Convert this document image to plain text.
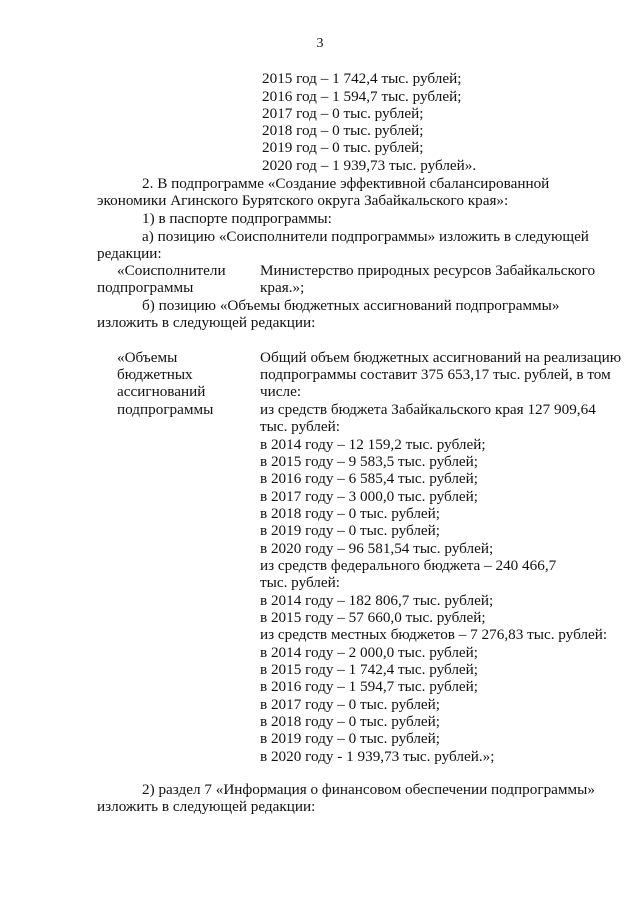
3
2015 год – 1 742,4 тыс. рублей;
2016 год – 1 594,7 тыс. рублей;
2017 год – 0 тыс. рублей;
2018 год – 0 тыс. рублей;
2019 год – 0 тыс. рублей;
2020 год – 1 939,73 тыс. рублей».
2. В подпрограмме «Создание эффективной сбалансированной
экономики Агинского Бурятского округа Забайкальского края»:
1) в паспорте подпрограммы:
а) позицию «Соисполнители подпрограммы» изложить в следующей
редакции:
«Соисполнители
подпрограммы
Министерство природных ресурсов Забайкальского
края.»;
б) позицию «Объемы бюджетных ассигнований подпрограммы»
изложить в следующей редакции:
«Объемы
бюджетных
ассигнований
подпрограммы
Общий объем бюджетных ассигнований на реализацию
подпрограммы составит 375 653,17 тыс. рублей, в том
числе:
из средств бюджета Забайкальского края 127 909,64
тыс. рублей:
в 2014 году – 12 159,2 тыс. рублей;
в 2015 году – 9 583,5 тыс. рублей;
в 2016 году – 6 585,4 тыс. рублей;
в 2017 году – 3 000,0 тыс. рублей;
в 2018 году – 0 тыс. рублей;
в 2019 году – 0 тыс. рублей;
в 2020 году – 96 581,54 тыс. рублей;
из средств федерального бюджета – 240 466,7
тыс. рублей:
в 2014 году – 182 806,7 тыс. рублей;
в 2015 году – 57 660,0 тыс. рублей;
из средств местных бюджетов – 7 276,83 тыс. рублей:
в 2014 году – 2 000,0 тыс. рублей;
в 2015 году – 1 742,4 тыс. рублей;
в 2016 году – 1 594,7 тыс. рублей;
в 2017 году – 0 тыс. рублей;
в 2018 году – 0 тыс. рублей;
в 2019 году – 0 тыс. рублей;
в 2020 году - 1 939,73 тыс. рублей.»;
2) раздел 7 «Информация о финансовом обеспечении подпрограммы»
изложить в следующей редакции:
